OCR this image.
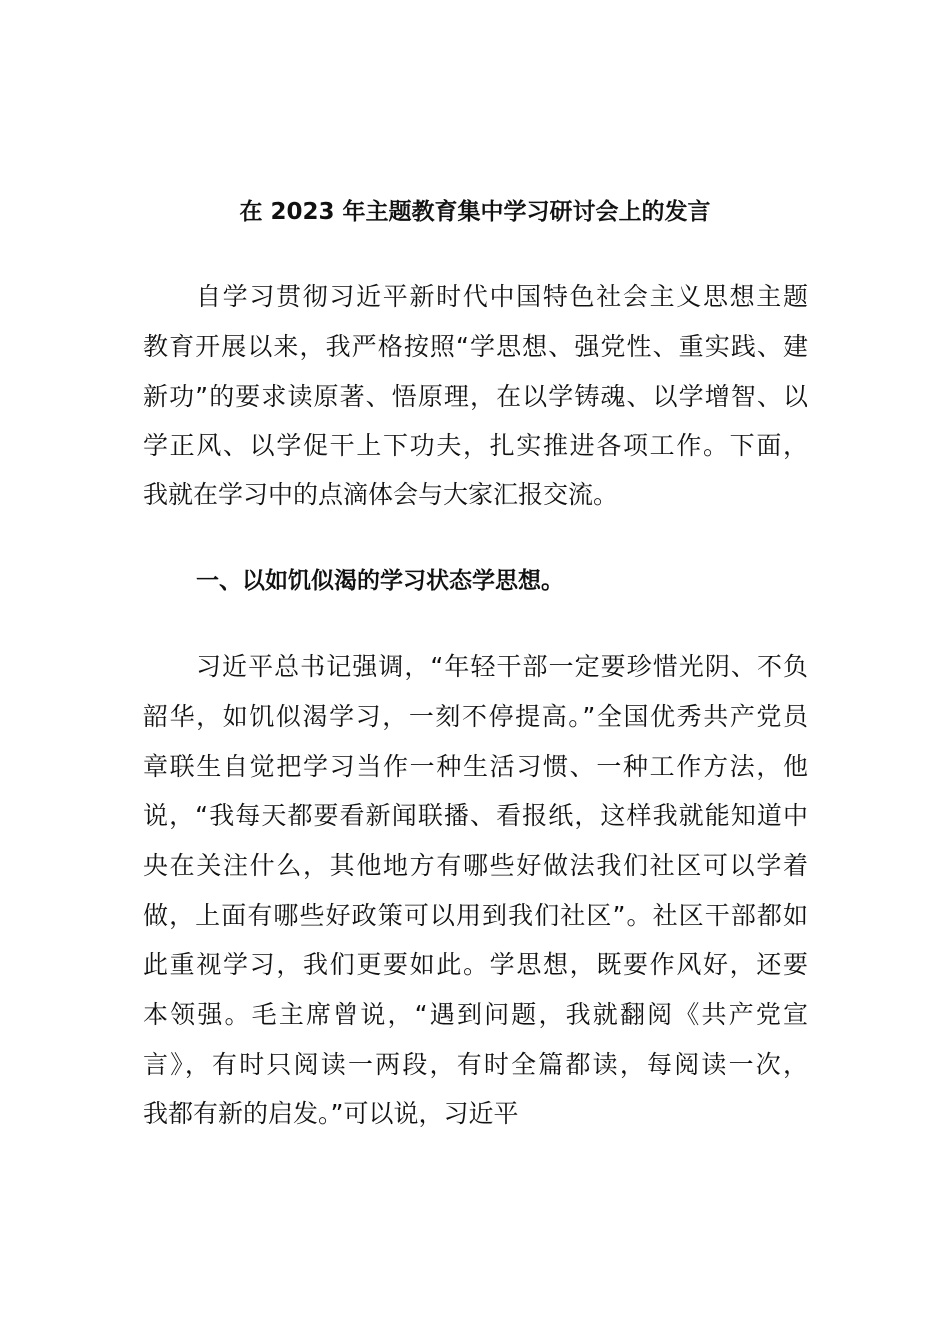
在 2023 年主题教育集中学习研讨会上的发言
自学习贯彻习近平新时代中国特色社会主义思想主题
教育开展以来，我严格按照“学思想、强党性、重实践、建
新功”的要求读原著、悟原理，在以学铸魂、以学增智、以
学正风、以学促干上下功夫，扎实推进各项工作。下面，
我就在学习中的点滴体会与大家汇报交流。
一、以如饥似渴的学习状态学思想。
习近平总书记强调，“年轻干部一定要珍惜光阴、不负
韶华，如饥似渴学习，一刻不停提高。”全国优秀共产党员
章联生自觉把学习当作一种生活习惯、一种工作方法，他
说，“我每天都要看新闻联播、看报纸，这样我就能知道中
央在关注什么，其他地方有哪些好做法我们社区可以学着
做，上面有哪些好政策可以用到我们社区”。社区干部都如
此重视学习，我们更要如此。学思想，既要作风好，还要
本领强。毛主席曾说，“遇到问题，我就翻阅《共产党宣
言》，有时只阅读一两段，有时全篇都读，每阅读一次，
我都有新的启发。”可以说，习近平
